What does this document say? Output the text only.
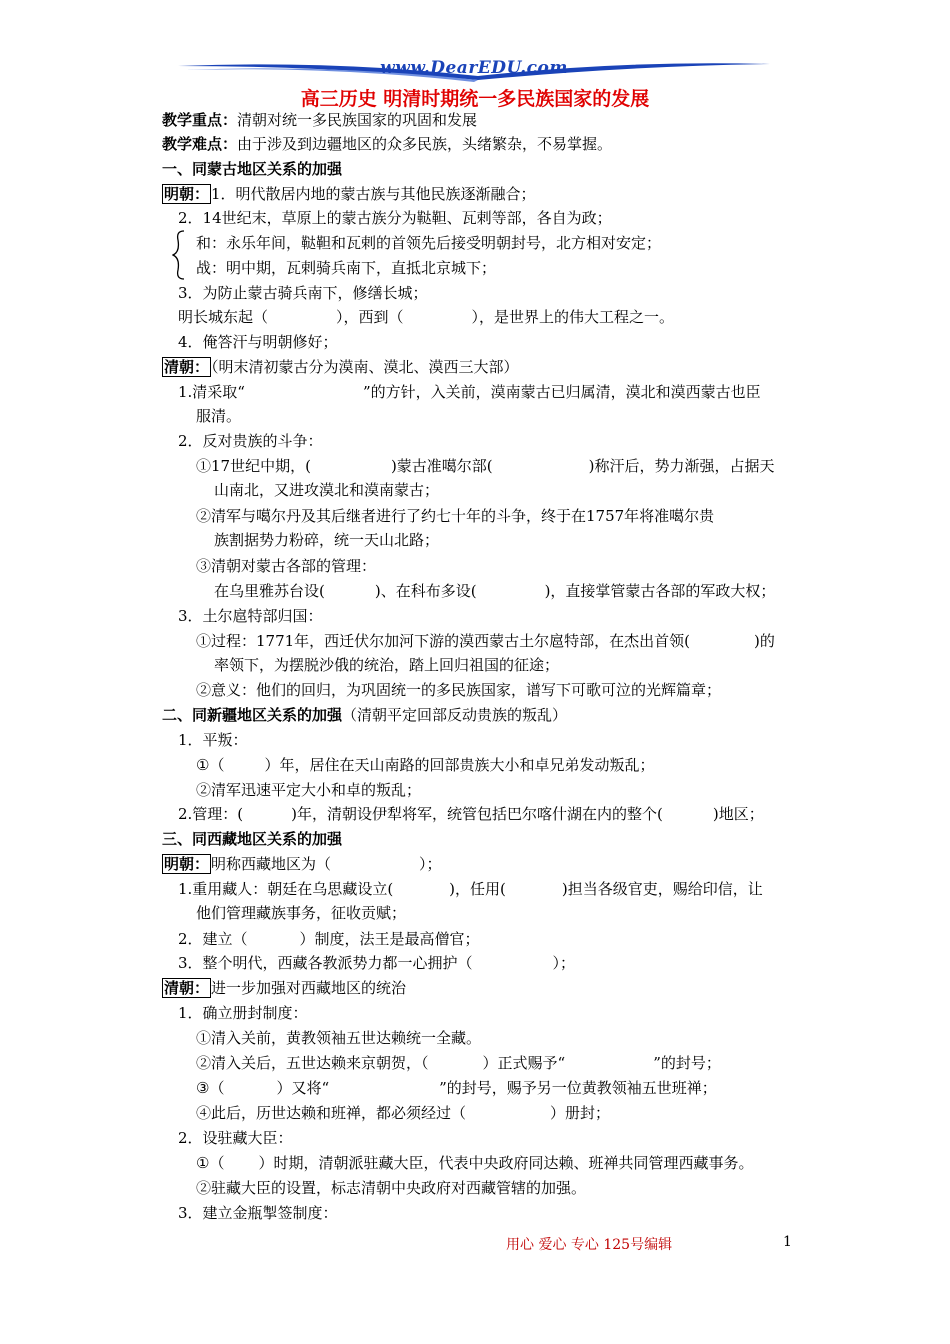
www.DearEDU.com
高三历史 明清时期统一多民族国家的发展
教学重点：清朝对统一多民族国家的巩固和发展
教学难点：由于涉及到边疆地区的众多民族，头绪繁杂，不易掌握。
一、同蒙古地区关系的加强
明朝： 1．明代散居内地的蒙古族与其他民族逐渐融合；
2．14世纪末，草原上的蒙古族分为鞑靼、瓦剌等部，各自为政；
和：永乐年间，鞑靼和瓦剌的首领先后接受明朝封号，北方相对安定；
战：明中期，瓦剌骑兵南下，直抵北京城下；
3．为防止蒙古骑兵南下，修缮长城；
明长城东起（	），西到（	），是世界上的伟大工程之一。
4．俺答汗与明朝修好；
清朝： （明末清初蒙古分为漠南、漠北、漠西三大部）
1.清采取“	”的方针，入关前，漠南蒙古已归属清，漠北和漠西蒙古也臣
服清。
2．反对贵族的斗争：
①17世纪中期，(	)蒙古准噶尔部(	)称汗后，势力渐强，占据天
山南北，又进攻漠北和漠南蒙古；
②清军与噶尔丹及其后继者进行了约七十年的斗争，终于在1757年将准噶尔贵
族割据势力粉碎，统一天山北路；
③清朝对蒙古各部的管理：
在乌里雅苏台设(	)、在科布多设(	)，直接掌管蒙古各部的军政大权；
3．土尔扈特部归国：
①过程：1771年，西迁伏尔加河下游的漠西蒙古土尔扈特部，在杰出首领(	)的
率领下，为摆脱沙俄的统治，踏上回归祖国的征途；
②意义：他们的回归，为巩固统一的多民族国家，谱写下可歌可泣的光辉篇章；
二、同新疆地区关系的加强（清朝平定回部反动贵族的叛乱）
1．平叛：
①（	）年，居住在天山南路的回部贵族大小和卓兄弟发动叛乱；
②清军迅速平定大小和卓的叛乱；
2.管理：(	)年，清朝设伊犁将军，统管包括巴尔喀什湖在内的整个(	)地区；
三、同西藏地区关系的加强
明朝： 明称西藏地区为（	）；
1.重用藏人：朝廷在乌思藏设立(	)，任用(	)担当各级官吏，赐给印信，让
他们管理藏族事务，征收贡赋；
2．建立（	）制度，法王是最高僧官；
3．整个明代，西藏各教派势力都一心拥护（	）；
清朝： 进一步加强对西藏地区的统治
1．确立册封制度：
①清入关前，黄教领袖五世达赖统一全藏。
②清入关后，五世达赖来京朝贺，（	）正式赐予“	”的封号；
③（	）又将“	”的封号，赐予另一位黄教领袖五世班禅；
④此后，历世达赖和班禅，都必须经过（	）册封；
2．设驻藏大臣：
①（ ）时期，清朝派驻藏大臣，代表中央政府同达赖、班禅共同管理西藏事务。
②驻藏大臣的设置，标志清朝中央政府对西藏管辖的加强。
3．建立金瓶掣签制度：
用心 爱心 专心 125号编辑	1
